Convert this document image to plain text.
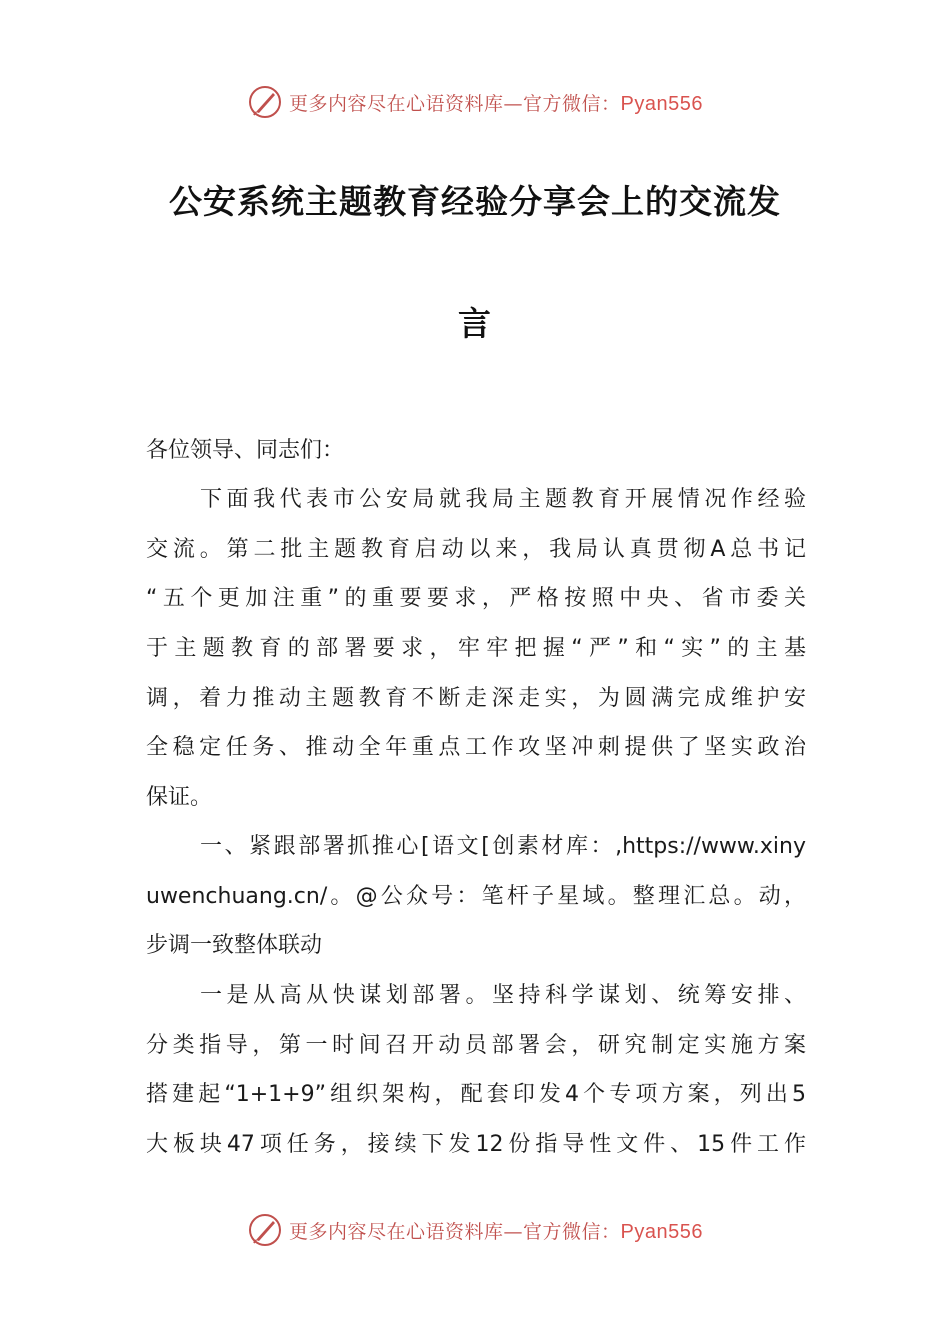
更多内容尽在心语资料库—官方微信：Pyan556
公安系统主题教育经验分享会上的交流发
言
各位领导、同志们：
下面我代表市公安局就我局主题教育开展情况作经验
交流。第二批主题教育启动以来，我局认真贯彻A总书记
“五个更加注重”的重要要求，严格按照中央、省市委关
于主题教育的部署要求，牢牢把握“严”和“实”的主基
调，着力推动主题教育不断走深走实，为圆满完成维护安
全稳定任务、推动全年重点工作攻坚冲刺提供了坚实政治
保证。
一、紧跟部署抓推心[语文[创素材库：,https://www.xiny
uwenchuang.cn/。@公众号：笔杆子星域。整理汇总。动，
步调一致整体联动
一是从高从快谋划部署。坚持科学谋划、统筹安排、
分类指导，第一时间召开动员部署会，研究制定实施方案
搭建起“1+1+9”组织架构，配套印发4个专项方案，列出5
大板块47项任务，接续下发12份指导性文件、15件工作
更多内容尽在心语资料库—官方微信：Pyan556
